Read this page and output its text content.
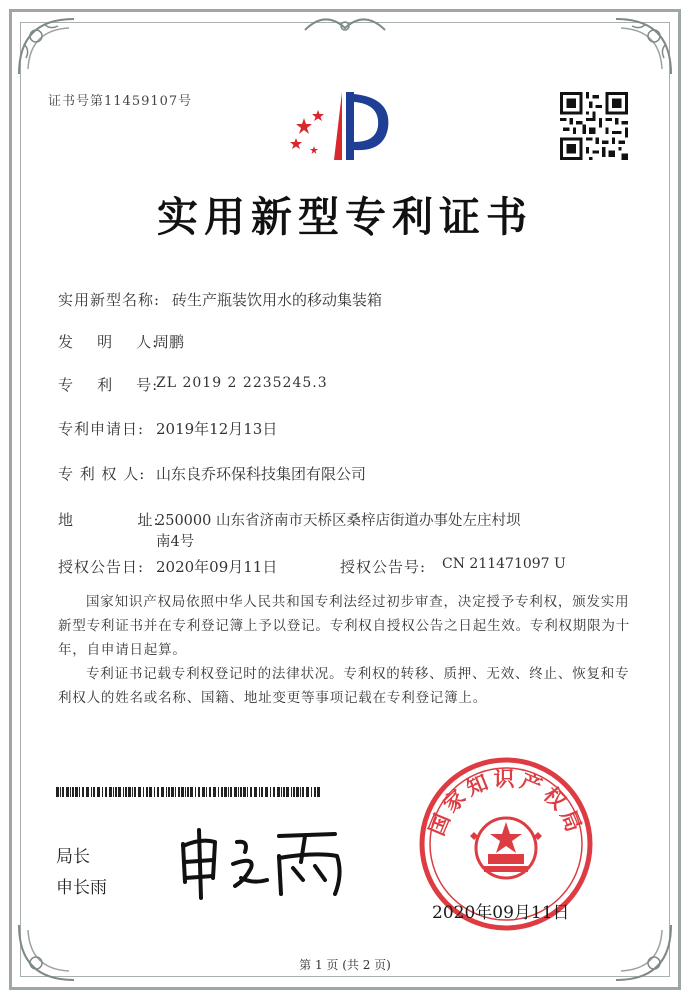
证书号第11459107号
实用新型专利证书
实用新型名称: 砖生产瓶装饮用水的移动集装箱
发    明    人:
周鹏
专    利    号:
ZL 2019 2 2235245.3
专利申请日: 2019年12月13日
专 利 权 人: 山东良乔环保科技集团有限公司
地           址:
250000 山东省济南市天桥区桑梓店街道办事处左庄村坝
南4号
授权公告日: 2020年09月11日	授权公告号: CN 211471097 U
国家知识产权局依照中华人民共和国专利法经过初步审查，决定授予专利权，颁发实用新型专利证书并在专利登记簿上予以登记。专利权自授权公告之日起生效。专利权期限为十年，自申请日起算。
专利证书记载专利权登记时的法律状况。专利权的转移、质押、无效、终止、恢复和专利权人的姓名或名称、国籍、地址变更等事项记载在专利登记簿上。
局长
申长雨
国家知识产权局
2020年09月11日
第 1 页 (共 2 页)
